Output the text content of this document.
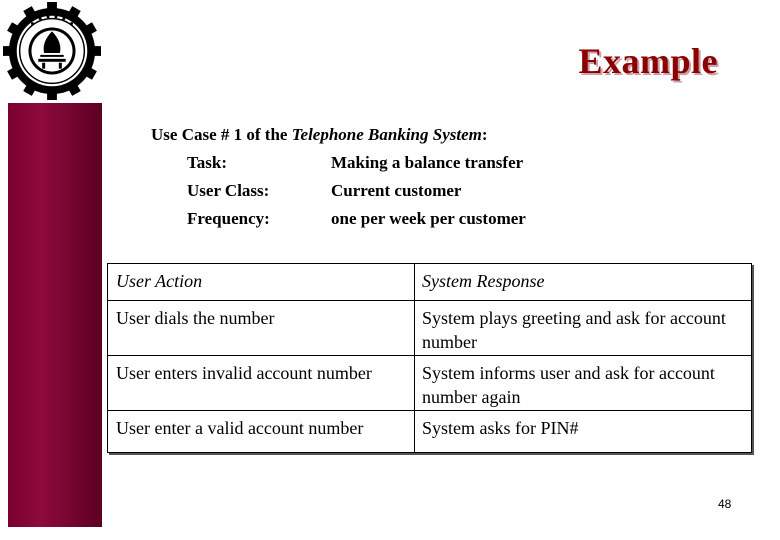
Example
Use Case # 1 of the Telephone Banking System:
Task:	Making a balance transfer
User Class:	Current customer
Frequency:	one per week per customer
User Action	System Response
User dials the number	System plays greeting and ask for account number
User enters invalid account number	System informs user and ask for account number again
User enter a valid account number	System asks for PIN#
48
